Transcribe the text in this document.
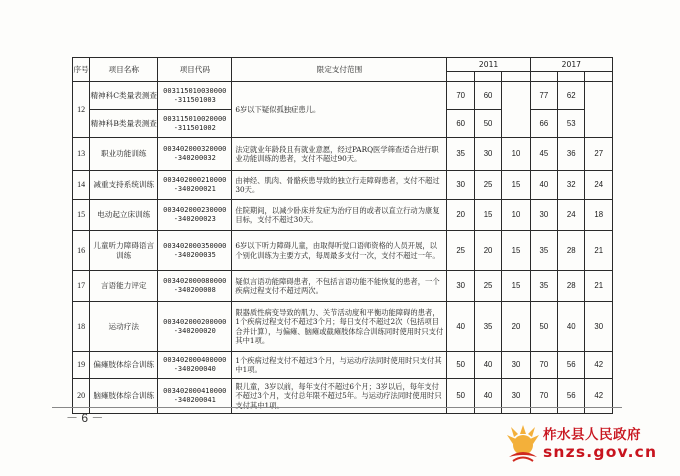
序号	项目名称	项目代码	限定支付范围	2011			2017		

12	精神科C类量表测查	003115010030000 -311501003	6岁以下疑似孤独症患儿。	70	60		77	62	
	精神科B类量表测查	003115010020000 -311501002		60	50		66	53	
13	职业功能训练	003402000320000 -340200032	法定就业年龄段且有就业意愿，经过PARQ医学筛查适合进行职业功能训练的患者，支付不超过90天。	35	30	10	45	36	27
14	减重支持系统训练	003402000210000 -340200021	由神经、肌肉、骨骼疾患导致的独立行走障碍患者，支付不超过30天。	30	25	15	40	32	24
15	电动起立床训练	003402000230000 -340200023	住院期间，以减少卧床并发症为治疗目的或者以直立行动为康复目标，支付不超过30天。	20	15	10	30	24	18
16	儿童听力障碍语言训练	003402000350000 -340200035	6岁以下听力障碍儿童，由取得听觉口语师资格的人员开展，以个别化训练为主要方式，每周最多支付一次，支付不超过一年。	25	20	15	35	28	21
17	言语能力评定	003402000080000 -340200008	疑似言语功能障碍患者，不包括言语功能不能恢复的患者，一个疾病过程支付不超过两次。	30	25	15	35	28	21
18	运动疗法	003402000200000 -340200020	限器质性病变导致的肌力、关节活动度和平衡功能障碍的患者，1个疾病过程支付不超过3个月；每日支付不超过2次（包括项目合并计算），与偏瘫、脑瘫或截瘫肢体综合训练同时使用时只支付其中1项。	40	35	20	50	40	30
19	偏瘫肢体综合训练	003402000400000 -340200040	1个疾病过程支付不超过3个月，与运动疗法同时使用时只支付其中1项。	50	40	30	70	56	42
20	脑瘫肢体综合训练	003402000410000 -340200041	限儿童，3岁以前，每年支付不超过6个月；3岁以后，每年支付不超过3个月，支付总年限不超过5年。与运动疗法同时使用时只支付其中1项。	50	40	30	70	56	42
－ 6 －
柞水县人民政府
snzs.gov.cn
